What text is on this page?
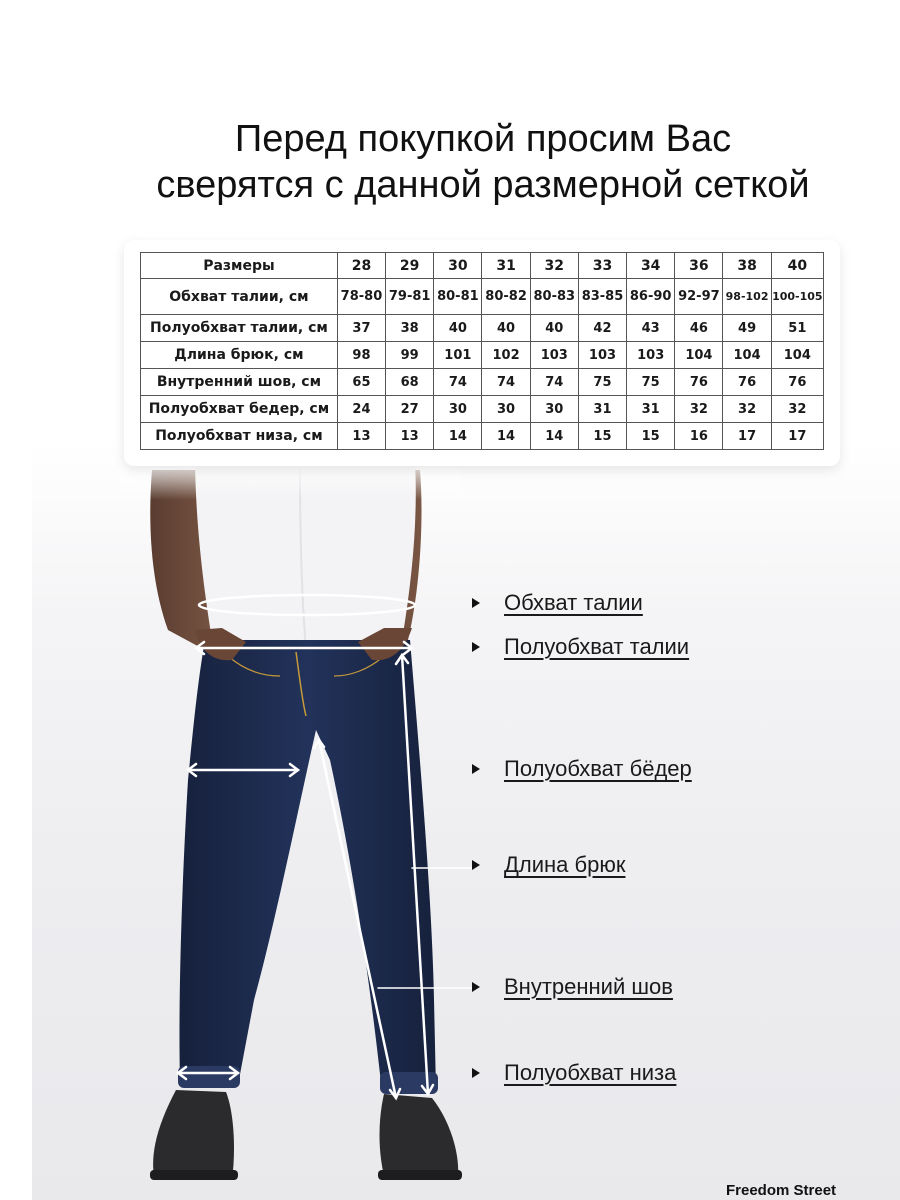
Перед покупкой просим Вас
сверятся с данной размерной сеткой
Размеры	28	29	30	31	32	33	34	36	38	40
Обхват талии, см	78-80	79-81	80-81	80-82	80-83	83-85	86-90	92-97	98-102	100-105
Полуобхват талии, см	37	38	40	40	40	42	43	46	49	51
Длина брюк, см	98	99	101	102	103	103	103	104	104	104
Внутренний шов, см	65	68	74	74	74	75	75	76	76	76
Полуобхват бедер, см	24	27	30	30	30	31	31	32	32	32
Полуобхват низа, см	13	13	14	14	14	15	15	16	17	17
Обхват талии
Полуобхват талии
Полуобхват бёдер
Длина брюк
Внутренний шов
Полуобхват низа
Freedom Street
